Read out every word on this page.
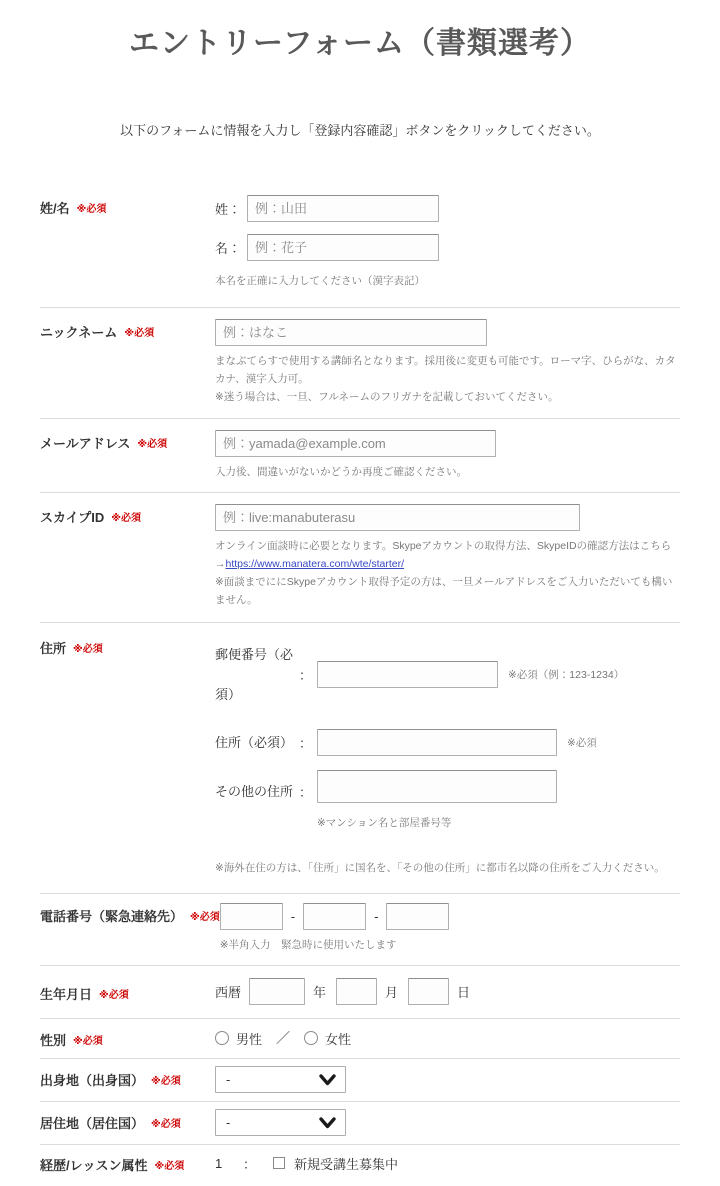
エントリーフォーム（書類選考）

以下のフォームに情報を入力し「登録内容確認」ボタンをクリックしてください。

姓/名 ※必須	姓：
例：山田
名：
例：花子
本名を正確に入力してください（漢字表記）
ニックネーム ※必須
例：はなこ
まなぶてらすで使用する講師名となります。採用後に変更も可能です。ローマ字、ひらがな、カタカナ、漢字入力可。
※迷う場合は、一旦、フルネームのフリガナを記載しておいてください。
メールアドレス ※必須
例：yamada@example.com
入力後、間違いがないかどうか再度ご確認ください。
スカイプID ※必須
例：live:manabuterasu
オンライン面談時に必要となります。Skypeアカウントの取得方法、SkypeIDの確認方法はこちら
→https://www.manatera.com/wte/starter/
※面談までににSkypeアカウント取得予定の方は、一旦メールアドレスをご入力いただいても構いません。
住所 ※必須	郵便番号（必須）
：	※必須（例：123-1234）
住所（必須） ：	※必須
その他の住所 ：
※マンション名と部屋番号等
※海外在住の方は、「住所」に国名を、「その他の住所」に都市名以降の住所をご入力ください。
電話番号（緊急連絡先） ※必須	-	-
※半角入力　緊急時に使用いたします
生年月日 ※必須	西暦	年	月	日
性別 ※必須	男性 ／	女性
出身地（出身国） ※必須	-
居住地（居住国） ※必須	-
経歴/レッスン属性 ※必須	1	：	新規受講生募集中
